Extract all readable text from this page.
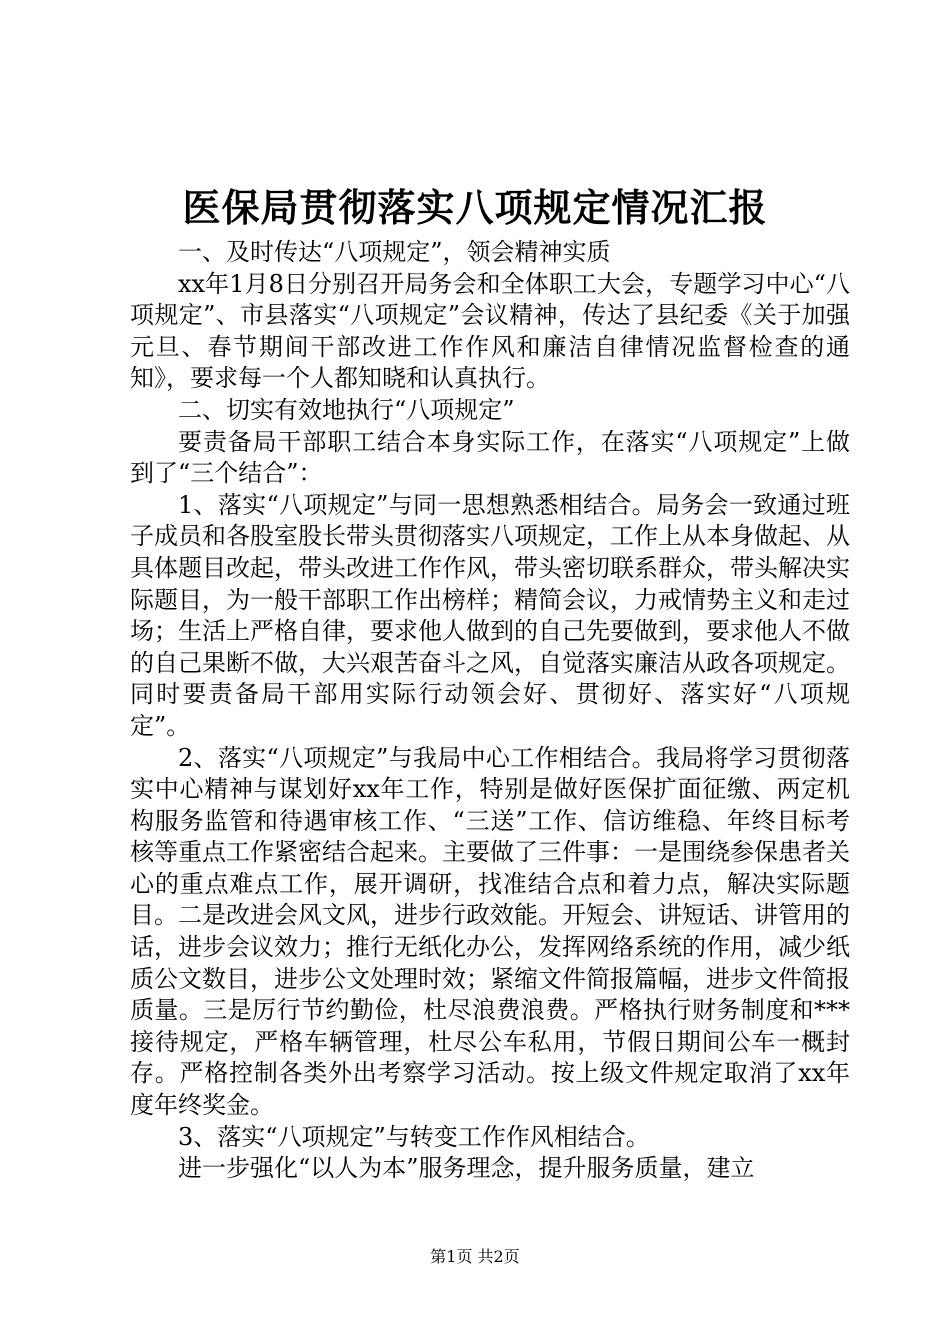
医保局贯彻落实八项规定情况汇报

一、及时传达“八项规定”，领会精神实质

xx年1月8日分别召开局务会和全体职工大会，专题学习中心“八项规定”、市县落实“八项规定”会议精神，传达了县纪委《关于加强元旦、春节期间干部改进工作作风和廉洁自律情况监督检查的通知》，要求每一个人都知晓和认真执行。

二、切实有效地执行“八项规定”

要责备局干部职工结合本身实际工作，在落实“八项规定”上做到了“三个结合”：

1、落实“八项规定”与同一思想熟悉相结合。局务会一致通过班子成员和各股室股长带头贯彻落实八项规定，工作上从本身做起、从具体题目改起，带头改进工作作风，带头密切联系群众，带头解决实际题目，为一般干部职工作出榜样；精简会议，力戒情势主义和走过场；生活上严格自律，要求他人做到的自己先要做到，要求他人不做的自己果断不做，大兴艰苦奋斗之风，自觉落实廉洁从政各项规定。同时要责备局干部用实际行动领会好、贯彻好、落实好“八项规定”。

2、落实“八项规定”与我局中心工作相结合。我局将学习贯彻落实中心精神与谋划好xx年工作，特别是做好医保扩面征缴、两定机构服务监管和待遇审核工作、“三送”工作、信访维稳、年终目标考核等重点工作紧密结合起来。主要做了三件事：一是围绕参保患者关心的重点难点工作，展开调研，找准结合点和着力点，解决实际题目。二是改进会风文风，进步行政效能。开短会、讲短话、讲管用的话，进步会议效力；推行无纸化办公，发挥网络系统的作用，减少纸质公文数目，进步公文处理时效；紧缩文件简报篇幅，进步文件简报质量。三是厉行节约勤俭，杜尽浪费浪费。严格执行财务制度和***接待规定，严格车辆管理，杜尽公车私用，节假日期间公车一概封存。严格控制各类外出考察学习活动。按上级文件规定取消了xx年度年终奖金。

3、落实“八项规定”与转变工作作风相结合。

进一步强化“以人为本”服务理念，提升服务质量，建立

第1页 共2页
